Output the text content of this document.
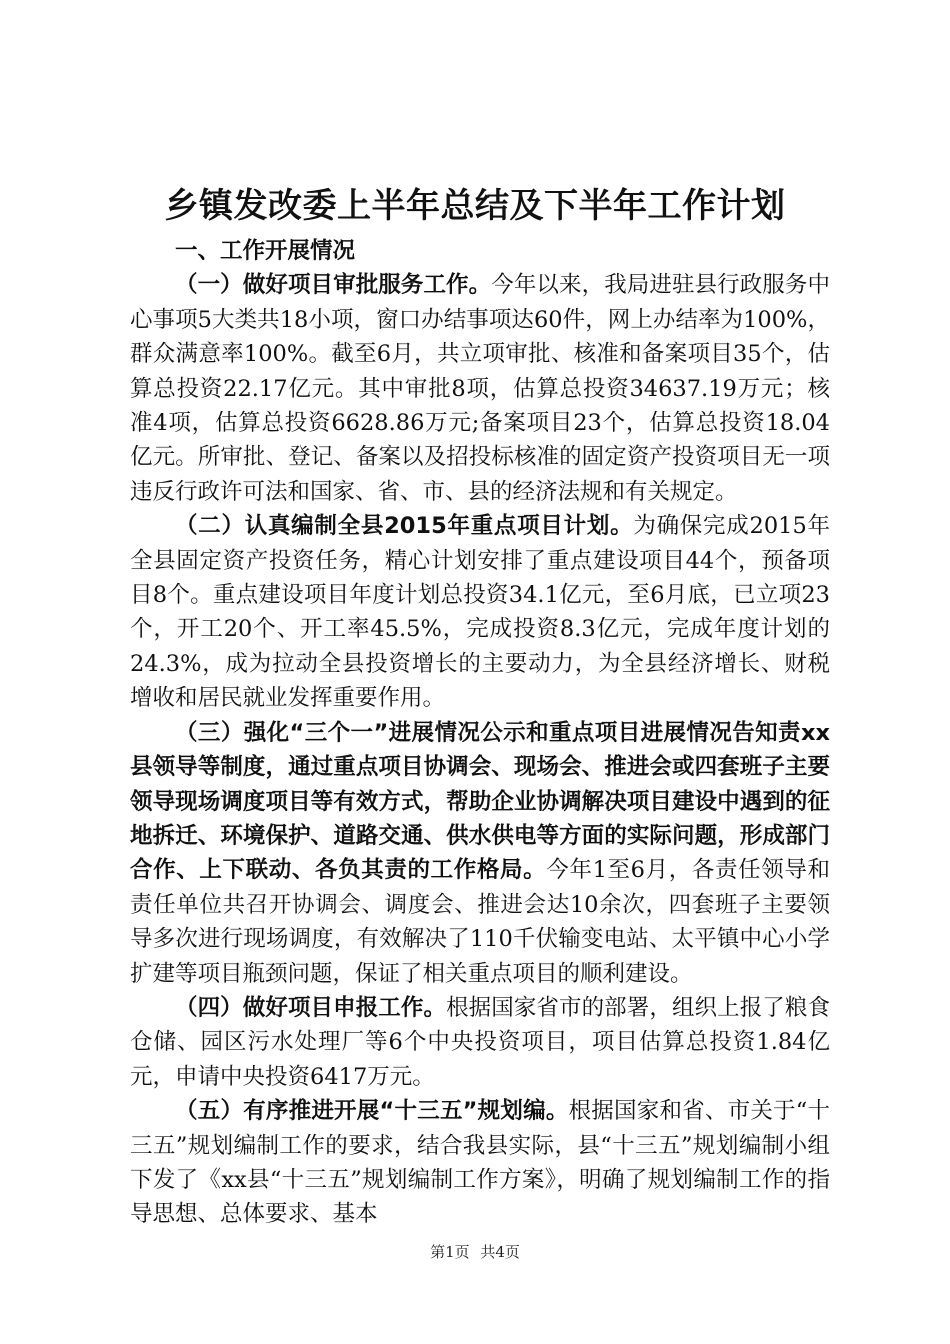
乡镇发改委上半年总结及下半年工作计划

一、工作开展情况

（一）做好项目审批服务工作。今年以来，我局进驻县行政服务中心事项5大类共18小项，窗口办结事项达60件，网上办结率为100%，群众满意率100%。截至6月，共立项审批、核准和备案项目35个，估算总投资22.17亿元。其中审批8项，估算总投资34637.19万元；核准4项，估算总投资6628.86万元;备案项目23个，估算总投资18.04亿元。所审批、登记、备案以及招投标核准的固定资产投资项目无一项违反行政许可法和国家、省、市、县的经济法规和有关规定。

（二）认真编制全县2015年重点项目计划。为确保完成2015年全县固定资产投资任务，精心计划安排了重点建设项目44个，预备项目8个。重点建设项目年度计划总投资34.1亿元，至6月底，已立项23个，开工20个、开工率45.5%，完成投资8.3亿元，完成年度计划的24.3%，成为拉动全县投资增长的主要动力，为全县经济增长、财税增收和居民就业发挥重要作用。

（三）强化“三个一”进展情况公示和重点项目进展情况告知责xx县领导等制度，通过重点项目协调会、现场会、推进会或四套班子主要领导现场调度项目等有效方式，帮助企业协调解决项目建设中遇到的征地拆迁、环境保护、道路交通、供水供电等方面的实际问题，形成部门合作、上下联动、各负其责的工作格局。今年1至6月，各责任领导和责任单位共召开协调会、调度会、推进会达10余次，四套班子主要领导多次进行现场调度，有效解决了110千伏输变电站、太平镇中心小学扩建等项目瓶颈问题，保证了相关重点项目的顺利建设。

（四）做好项目申报工作。根据国家省市的部署，组织上报了粮食仓储、园区污水处理厂等6个中央投资项目，项目估算总投资1.84亿元，申请中央投资6417万元。

（五）有序推进开展“十三五”规划编。根据国家和省、市关于“十三五”规划编制工作的要求，结合我县实际，县“十三五”规划编制小组下发了《xx县“十三五”规划编制工作方案》，明确了规划编制工作的指导思想、总体要求、基本

第1页 共4页
